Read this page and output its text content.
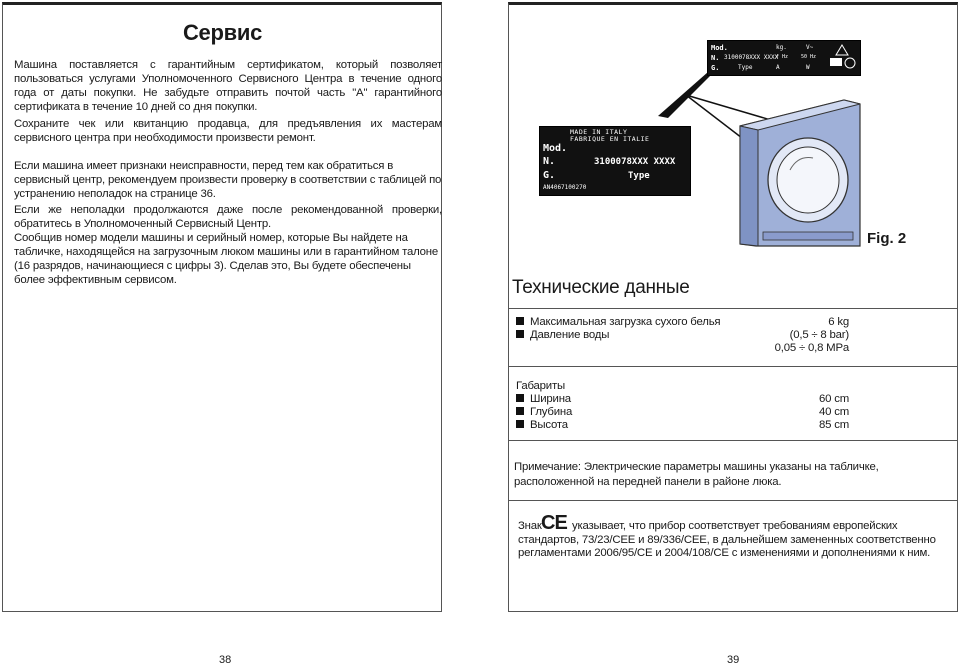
Сервис

Машина поставляется с гарантийным сертификатом, который позволяет пользоваться услугами Уполномоченного Сервисного Центра в течение одного года от даты покупки. Не забудьте отправить почтой часть "A" гарантийного сертификата в течение 10 дней со дня покупки.

Сохраните чек или квитанцию продавца, для предъявления их мастерам сервисного центра при необходимости произвести ремонт.

Если машина имеет признаки неисправности, перед тем как обратиться в сервисный центр, рекомендуем произвести проверку в соответствии с таблицей по устранению неполадок на странице 36.

Если же неполадки продолжаются даже после рекомендованной проверки, обратитесь в Уполномоченный Сервисный Центр.

Сообщив номер модели машины и серийный номер, которые Вы найдете на табличке, находящейся на загрузочным люком машины или в гарантийном талоне (16 разрядов, начинающиеся с цифры 3). Сделав это, Вы будете обеспечены более эффективным сервисом.

38
MADE IN ITALY
FABRIQUE EN ITALIE
Mod.
N.	3100078XXX XXXX
G.	Type
AN4067100270
Mod.
N. 3100078XXX XXXX
G.	Type
kg.
f Hz
A
V~
50 Hz
W
Fig. 2
Технические данные
Максимальная загрузка сухого белья	6 kg
Давление воды	(0,5 ÷ 8 bar)
0,05 ÷ 0,8 MPa
Габариты
Ширина	60 cm
Глубина	40 cm
Высота	85 cm

Примечание: Электрические параметры машины указаны на табличке, расположенной на передней панели в районе люка.

Знак CE указывает, что прибор соответствует требованиям европейских стандартов, 73/23/CEE и 89/336/CEE, в дальнейшем замененных соответственно регламентами 2006/95/CE и 2004/108/CE с изменениями и дополнениями к ним.

39
